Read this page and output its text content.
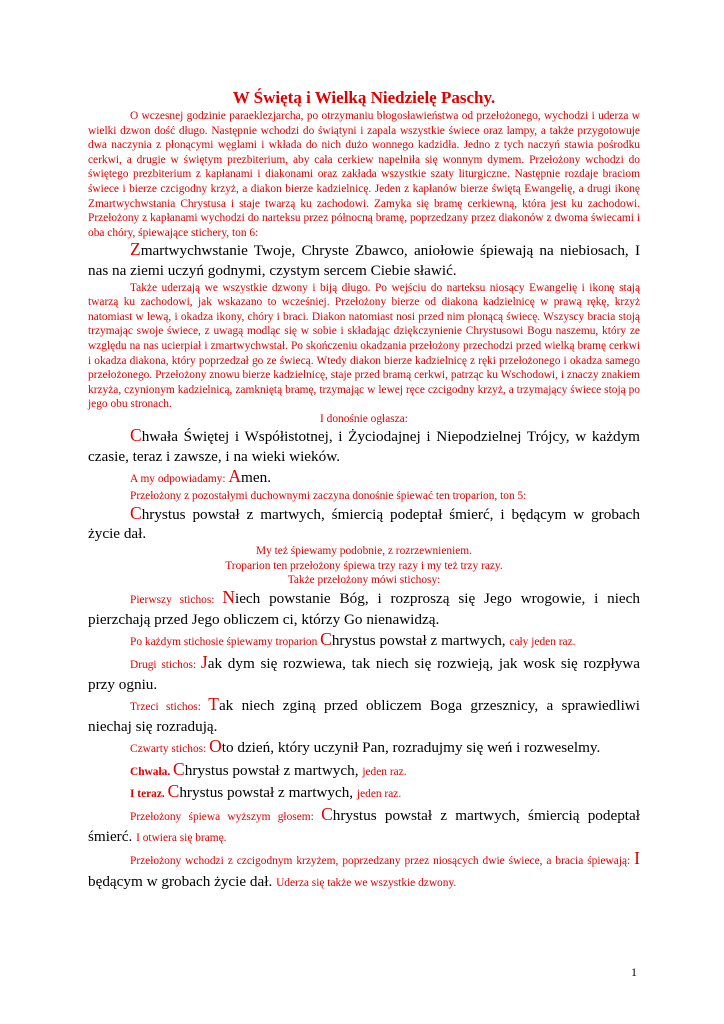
W Świętą i Wielką Niedzielę Paschy.

O wczesnej godzinie paraeklezjarcha, po otrzymaniu błogosławieństwa od przełożonego, wychodzi i uderza w wielki dzwon dość długo. Następnie wchodzi do świątyni i zapala wszystkie świece oraz lampy, a także przygotowuje dwa naczynia z płonącymi węglami i wkłada do nich dużo wonnego kadzidła. Jedno z tych naczyń stawia pośrodku cerkwi, a drugie w świętym prezbiterium, aby cała cerkiew napełniła się wonnym dymem. Przełożony wchodzi do świętego prezbiterium z kapłanami i diakonami oraz zakłada wszystkie szaty liturgiczne. Następnie rozdaje braciom świece i bierze czcigodny krzyż, a diakon bierze kadzielnicę. Jeden z kapłanów bierze świętą Ewangelię, a drugi ikonę Zmartwychwstania Chrystusa i staje twarzą ku zachodowi. Zamyka się bramę cerkiewną, która jest ku zachodowi. Przełożony z kapłanami wychodzi do narteksu przez północną bramę, poprzedzany przez diakonów z dwoma świecami i oba chóry, śpiewające stichery, ton 6:

Zmartwychwstanie Twoje, Chryste Zbawco, aniołowie śpiewają na niebiosach, I nas na ziemi uczyń godnymi, czystym sercem Ciebie sławić.

Także uderzają we wszystkie dzwony i biją długo. Po wejściu do narteksu niosący Ewangelię i ikonę stają twarzą ku zachodowi, jak wskazano to wcześniej. Przełożony bierze od diakona kadzielnicę w prawą rękę, krzyż natomiast w lewą, i okadza ikony, chóry i braci. Diakon natomiast nosi przed nim płonącą świecę. Wszyscy bracia stoją trzymając swoje świece, z uwagą modląc się w sobie i składając dziękczynienie Chrystusowi Bogu naszemu, który ze względu na nas ucierpiał i zmartwychwstał. Po skończeniu okadzania przełożony przechodzi przed wielką bramę cerkwi i okadza diakona, który poprzedzał go ze świecą. Wtedy diakon bierze kadzielnicę z ręki przełożonego i okadza samego przełożonego. Przełożony znowu bierze kadzielnicę, staje przed bramą cerkwi, patrząc ku Wschodowi, i znaczy znakiem krzyża, czynionym kadzielnicą, zamkniętą bramę, trzymając w lewej ręce czcigodny krzyż, a trzymający świece stoją po jego obu stronach.

I donośnie ogłasza:

Chwała Świętej i Współistotnej, i Życiodajnej i Niepodzielnej Trójcy, w każdym czasie, teraz i zawsze, i na wieki wieków.

A my odpowiadamy: Amen.

Przełożony z pozostałymi duchownymi zaczyna donośnie śpiewać ten troparion, ton 5:

Chrystus powstał z martwych, śmiercią podeptał śmierć, i będącym w grobach życie dał.

My też śpiewamy podobnie, z rozrzewnieniem.

Troparion ten przełożony śpiewa trzy razy i my też trzy razy.

Także przełożony mówi stichosy:

Pierwszy stichos: Niech powstanie Bóg, i rozproszą się Jego wrogowie, i niech pierzchają przed Jego obliczem ci, którzy Go nienawidzą.

Po każdym stichosie śpiewamy troparion Chrystus powstał z martwych, cały jeden raz.

Drugi stichos: Jak dym się rozwiewa, tak niech się rozwieją, jak wosk się rozpływa przy ogniu.

Trzeci stichos: Tak niech zginą przed obliczem Boga grzesznicy, a sprawiedliwi niechaj się rozradują.

Czwarty stichos: Oto dzień, który uczynił Pan, rozradujmy się weń i rozweselmy.

Chwała. Chrystus powstał z martwych, jeden raz.

I teraz. Chrystus powstał z martwych, jeden raz.

Przełożony śpiewa wyższym głosem: Chrystus powstał z martwych, śmiercią podeptał śmierć. I otwiera się bramę.

Przełożony wchodzi z czcigodnym krzyżem, poprzedzany przez niosących dwie świece, a bracia śpiewają: I będącym w grobach życie dał. Uderza się także we wszystkie dzwony.

1
